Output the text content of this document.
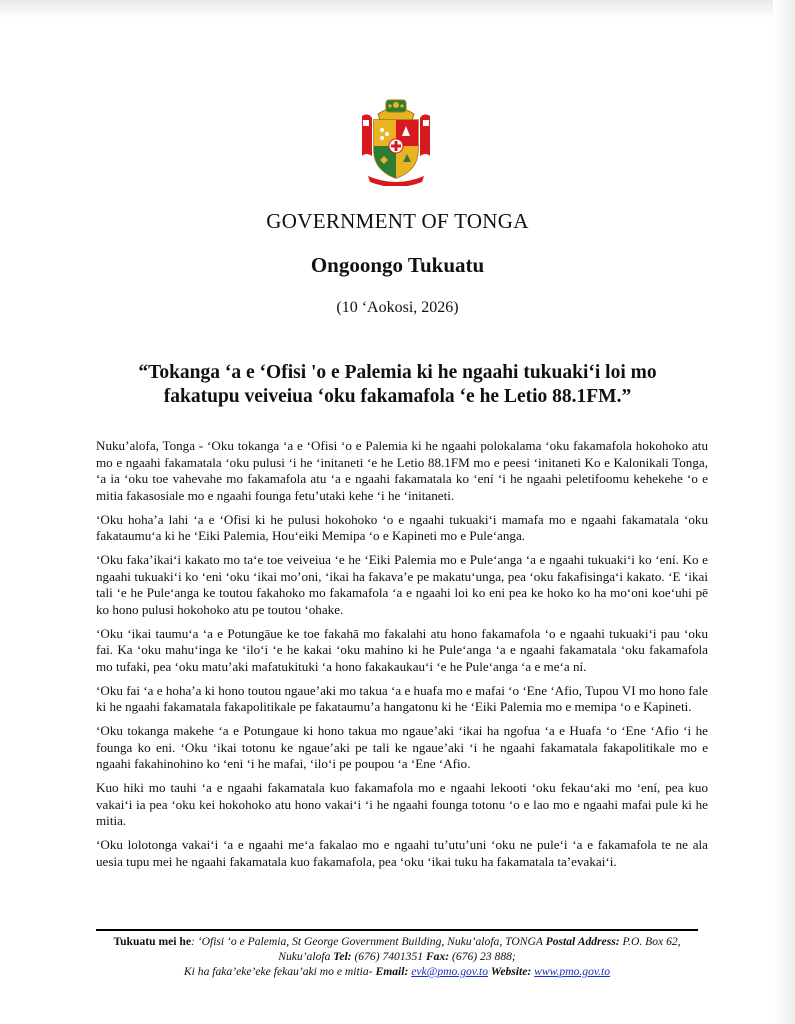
GOVERNMENT OF TONGA
Ongoongo Tukuatu
(10 ‘Aokosi, 2026)
“Tokanga ‘a e ‘Ofisi 'o e Palemia ki he ngaahi tukuaki‘i loi mo fakatupu veiveiua ‘oku fakamafola ‘e he Letio 88.1FM.”

Nuku’alofa, Tonga - ‘Oku tokanga ‘a e ‘Ofisi ‘o e Palemia ki he ngaahi polokalama ‘oku fakamafola hokohoko atu mo e ngaahi fakamatala ‘oku pulusi ‘i he ‘initaneti ‘e he Letio 88.1FM mo e peesi ‘initaneti Ko e Kalonikali Tonga, ‘a ia ‘oku toe vahevahe mo fakamafola atu ‘a e ngaahi fakamatala ko ‘ení ‘i he ngaahi peletifoomu kehekehe ‘o e mitia fakasosiale mo e ngaahi founga fetu’utaki kehe ‘i he ‘initaneti.

‘Oku hoha’a lahi ‘a e ‘Ofisi ki he pulusi hokohoko ‘o e ngaahi tukuaki‘i mamafa mo e ngaahi fakamatala ‘oku fakataumu‘a ki he ‘Eiki Palemia, Hou‘eiki Memipa ‘o e Kapineti mo e Pule‘anga.

‘Oku faka’ikai‘i kakato mo ta‘e toe veiveiua ‘e he ‘Eiki Palemia mo e Pule‘anga ‘a e ngaahi tukuaki‘i ko ‘ení. Ko e ngaahi tukuaki‘i ko ‘eni ‘oku ‘ikai mo’oni, ‘ikai ha fakava’e pe makatu‘unga, pea ‘oku fakafisinga‘i kakato. ‘E ‘ikai tali ‘e he Pule‘anga ke toutou fakahoko mo fakamafola ‘a e ngaahi loi ko eni pea ke hoko ko ha mo‘oni koe‘uhi pē ko hono pulusi hokohoko atu pe toutou ‘ohake.

‘Oku ‘ikai taumu‘a ‘a e Potungāue ke toe fakahā mo fakalahi atu hono fakamafola ‘o e ngaahi tukuaki‘i pau ‘oku fai. Ka ‘oku mahu‘inga ke ‘ilo‘i ‘e he kakai ‘oku mahino ki he Pule‘anga ‘a e ngaahi fakamatala ‘oku fakamafola mo tufaki, pea ‘oku matu’aki mafatukituki ‘a hono fakakaukau‘i ‘e he Pule‘anga ‘a e me‘a ní.

‘Oku fai ‘a e hoha’a ki hono toutou ngaue’aki mo takua ‘a e huafa mo e mafai ‘o ‘Ene ‘Afio, Tupou VI mo hono fale ki he ngaahi fakamatala fakapolitikale pe fakataumu’a hangatonu ki he ‘Eiki Palemia mo e memipa ‘o e Kapineti.

‘Oku tokanga makehe ‘a e Potungaue ki hono takua mo ngaue’aki ‘ikai ha ngofua ‘a e Huafa ‘o ‘Ene ‘Afio ‘i he founga ko eni. ‘Oku ‘ikai totonu ke ngaue’aki pe tali ke ngaue’aki ‘i he ngaahi fakamatala fakapolitikale mo e ngaahi fakahinohino ko ‘eni ‘i he mafai, ‘ilo‘i pe poupou ‘a ‘Ene ‘Afio.

Kuo hiki mo tauhi ‘a e ngaahi fakamatala kuo fakamafola mo e ngaahi lekooti ‘oku fekau‘aki mo ‘ení, pea kuo vakai‘i ia pea ‘oku kei hokohoko atu hono vakai‘i ‘i he ngaahi founga totonu ‘o e lao mo e ngaahi mafai pule ki he mitia.

‘Oku lolotonga vakai‘i ‘a e ngaahi me‘a fakalao mo e ngaahi tu’utu’uni ‘oku ne pule‘i ‘a e fakamafola te ne ala uesia tupu mei he ngaahi fakamatala kuo fakamafola, pea ‘oku ‘ikai tuku ha fakamatala ta’evakai‘i.

Tukuatu mei he: ‘Ofisi ‘o e Palemia, St George Government Building, Nuku’alofa, TONGA Postal Address: P.O. Box 62, Nuku’alofa Tel: (676) 7401351 Fax: (676) 23 888;
Ki ha faka’eke’eke fekau’aki mo e mitia- Email: evk@pmo.gov.to Website: www.pmo.gov.to
